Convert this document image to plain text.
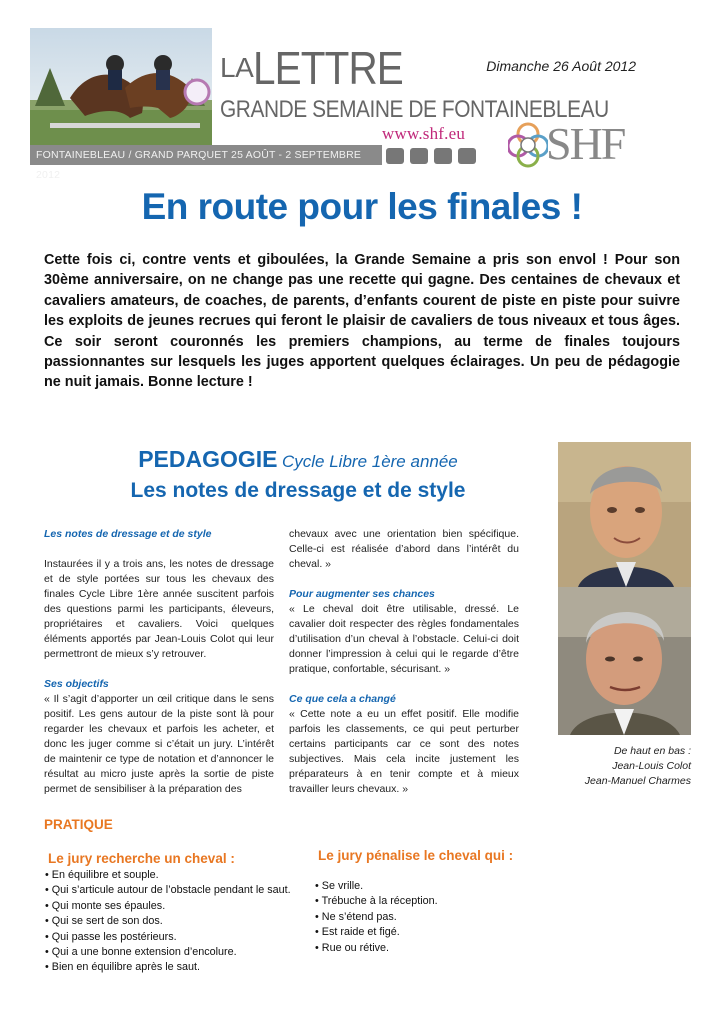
LA LETTRE
GRANDE SEMAINE DE FONTAINEBLEAU
Dimanche 26 Août 2012
www.shf.eu SHF
FONTAINEBLEAU / GRAND PARQUET 25 AOÛT - 2 SEPTEMBRE 2012
En route pour les finales !

Cette fois ci, contre vents et giboulées, la Grande Semaine a pris son envol ! Pour son 30ème anniversaire, on ne change pas une recette qui gagne. Des centaines de chevaux et cavaliers amateurs, de coaches, de parents, d’enfants courent de piste en piste pour suivre les exploits de jeunes recrues qui feront le plaisir de cavaliers de tous niveaux et tous âges. Ce soir seront couronnés les premiers champions, au terme de finales toujours passionnantes sur lesquels les juges apportent quelques éclairages. Un peu de pédagogie ne nuit jamais. Bonne lecture !

PEDAGOGIE Cycle Libre 1ère année
Les notes de dressage et de style
Les notes de dressage et de style

Instaurées il y a trois ans, les notes de dressage et de style portées sur tous les chevaux des finales Cycle Libre 1ère année suscitent parfois des questions parmi les participants, éleveurs, propriétaires et cavaliers. Voici quelques éléments apportés par Jean-Louis Colot qui leur permettront de mieux s’y retrouver.

Ses objectifs

« Il s’agit d’apporter un œil critique dans le sens positif. Les gens autour de la piste sont là pour regarder les chevaux et parfois les acheter, et donc les juger comme si c’était un jury. L’intérêt de maintenir ce type de notation et d’annoncer le résultat au micro juste après la sortie de piste permet de sensibiliser à la préparation des

chevaux avec une orientation bien spécifique. Celle-ci est réalisée d’abord dans l’intérêt du cheval. »

Pour augmenter ses chances

« Le cheval doit être utilisable, dressé. Le cavalier doit respecter des règles fondamentales d’utilisation d’un cheval à l’obstacle. Celui-ci doit donner l’impression à celui qui le regarde d’être pratique, confortable, sécurisant. »

Ce que cela a changé

« Cette note a eu un effet positif. Elle modifie parfois les classements, ce qui peut perturber certains participants car ce sont des notes subjectives. Mais cela incite justement les préparateurs à en tenir compte et à mieux travailler leurs chevaux. »

De haut en bas :
Jean-Louis Colot
Jean-Manuel Charmes
PRATIQUE
Le jury recherche un cheval :	Le jury pénalise le cheval qui :
• En équilibre et souple.
• Qui s’articule autour de l’obstacle pendant le saut.
• Qui monte ses épaules.
• Qui se sert de son dos.
• Qui passe les postérieurs.
• Qui a une bonne extension d’encolure.
• Bien en équilibre après le saut.
• Se vrille.
• Trébuche à la réception.
• Ne s’étend pas.
• Est raide et figé.
• Rue ou rétive.
